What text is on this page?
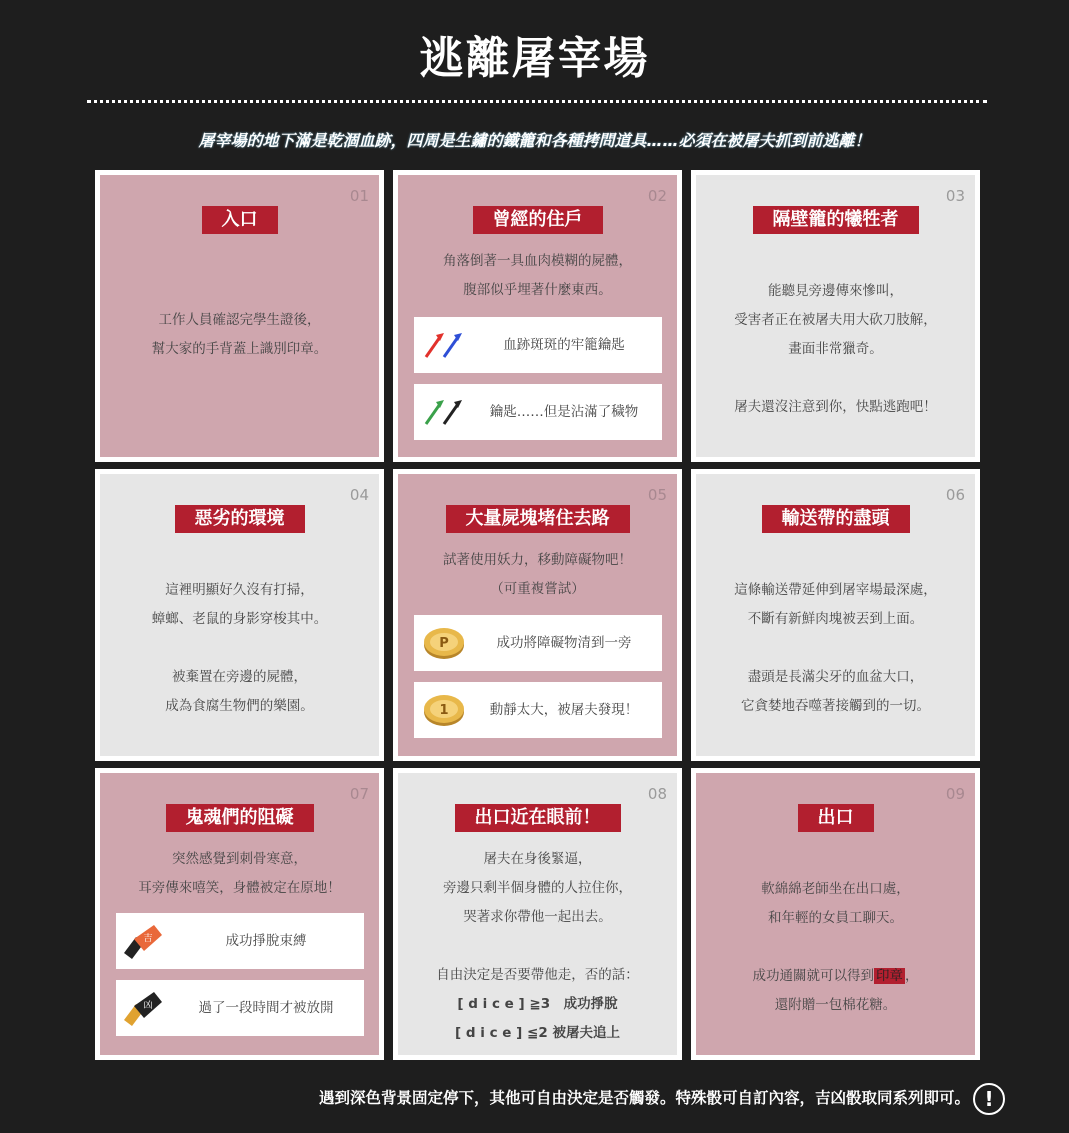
逃離屠宰場
屠宰場的地下滿是乾涸血跡，四周是生鏽的鐵籠和各種拷問道具……必須在被屠夫抓到前逃離！
01
入口

工作人員確認完學生證後，

幫大家的手背蓋上識別印章。

02
曾經的住戶

角落倒著一具血肉模糊的屍體，

腹部似乎埋著什麼東西。

血跡斑斑的牢籠鑰匙
鑰匙……但是沾滿了穢物
03
隔壁籠的犧牲者

能聽見旁邊傳來慘叫，

受害者正在被屠夫用大砍刀肢解，

畫面非常獵奇。

屠夫還沒注意到你，快點逃跑吧！

04
惡劣的環境

這裡明顯好久沒有打掃，

蟑螂、老鼠的身影穿梭其中。

被棄置在旁邊的屍體，

成為食腐生物們的樂園。

05
大量屍塊堵住去路

試著使用妖力，移動障礙物吧！

（可重複嘗試）

P	成功將障礙物清到一旁
1	動靜太大，被屠夫發現！
06
輸送帶的盡頭

這條輸送帶延伸到屠宰場最深處，

不斷有新鮮肉塊被丟到上面。

盡頭是長滿尖牙的血盆大口，

它貪婪地吞噬著接觸到的一切。

07
鬼魂們的阻礙

突然感覺到刺骨寒意，

耳旁傳來嘻笑，身體被定在原地！

吉	成功掙脫束縛
凶	過了一段時間才被放開
08
出口近在眼前！

屠夫在身後緊逼，

旁邊只剩半個身體的人拉住你，

哭著求你帶他一起出去。

自由決定是否要帶他走，否的話：

[ d i c e ] ≧3　成功掙脫

[ d i c e ] ≦2 被屠夫追上

09
出口

軟綿綿老師坐在出口處，

和年輕的女員工聊天。

成功通關就可以得到 印章 ，

還附贈一包棉花糖。

遇到深色背景固定停下，其他可自由決定是否觸發。特殊骰可自訂內容，吉凶骰取同系列即可。 !
